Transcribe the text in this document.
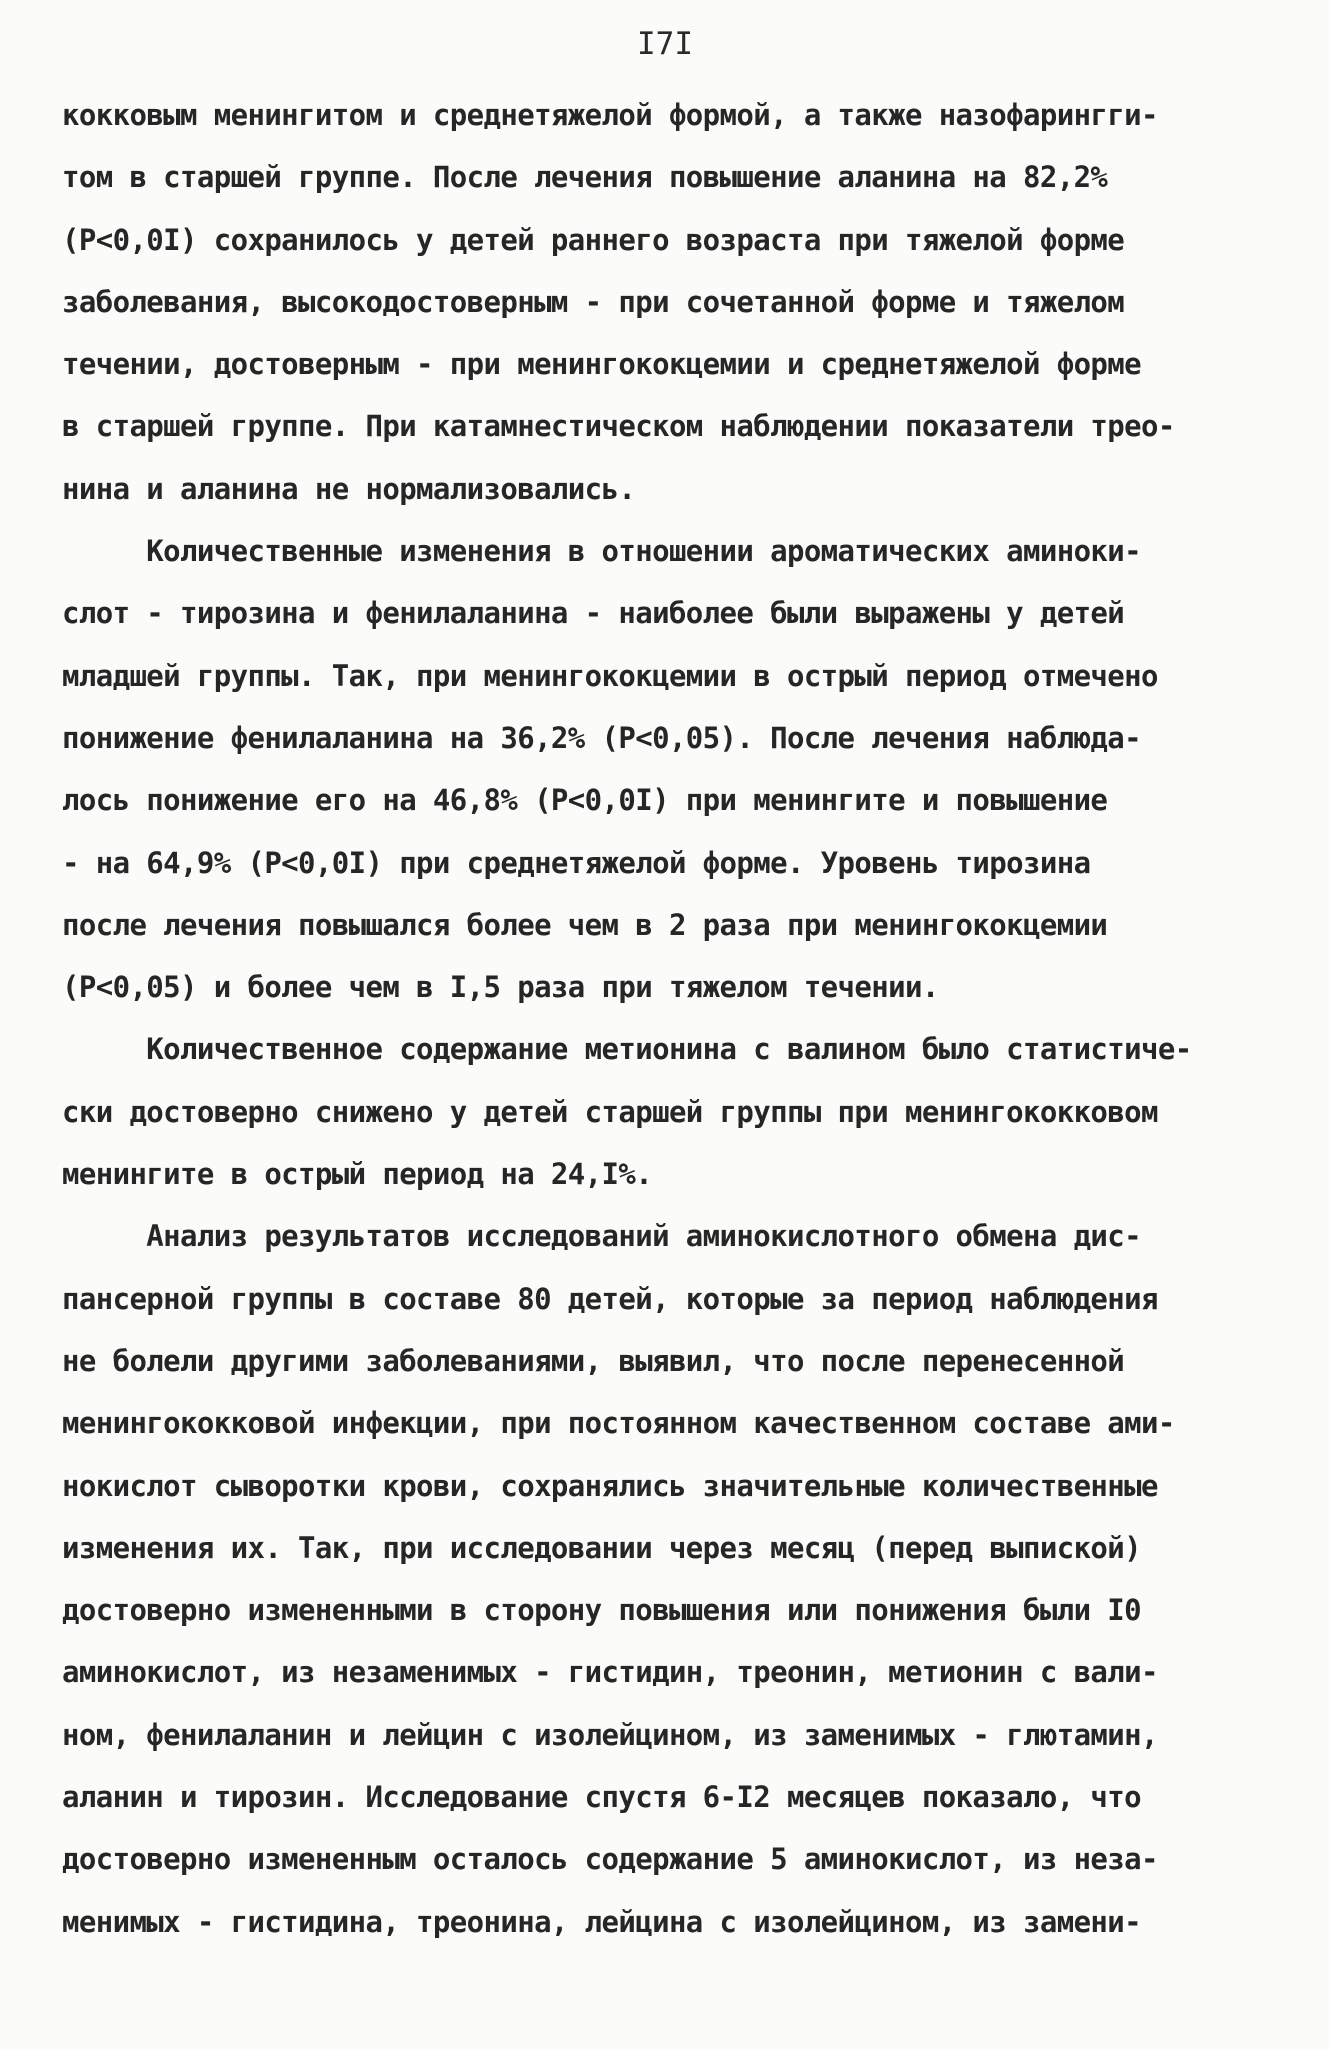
I7I
кокковым менингитом и среднетяжелой формой, а также назофарингги-
том в старшей группе. После лечения повышение аланина на 82,2%
(P<0,0I) сохранилось у детей раннего возраста при тяжелой форме
заболевания, высокодостоверным - при сочетанной форме и тяжелом
течении, достоверным - при менингококцемии и среднетяжелой форме
в старшей группе. При катамнестическом наблюдении показатели трео-
нина и аланина не нормализовались.
Количественные изменения в отношении ароматических аминоки-
слот - тирозина и фенилаланина - наиболее были выражены у детей
младшей группы. Так, при менингококцемии в острый период отмечено
понижение фенилаланина на 36,2% (P<0,05). После лечения наблюда-
лось понижение его на 46,8% (P<0,0I) при менингите и повышение
- на 64,9% (P<0,0I) при среднетяжелой форме. Уровень тирозина
после лечения повышался более чем в 2 раза при менингококцемии
(P<0,05) и более чем в I,5 раза при тяжелом течении.
Количественное содержание метионина с валином было статистиче-
ски достоверно снижено у детей старшей группы при менингококковом
менингите в острый период на 24,I%.
Анализ результатов исследований аминокислотного обмена дис-
пансерной группы в составе 80 детей, которые за период наблюдения
не болели другими заболеваниями, выявил, что после перенесенной
менингококковой инфекции, при постоянном качественном составе ами-
нокислот сыворотки крови, сохранялись значительные количественные
изменения их. Так, при исследовании через месяц (перед выпиской)
достоверно измененными в сторону повышения или понижения были I0
аминокислот, из незаменимых - гистидин, треонин, метионин с вали-
ном, фенилаланин и лейцин с изолейцином, из заменимых - глютамин,
аланин и тирозин. Исследование спустя 6-I2 месяцев показало, что
достоверно измененным осталось содержание 5 аминокислот, из неза-
менимых - гистидина, треонина, лейцина с изолейцином, из замени-
